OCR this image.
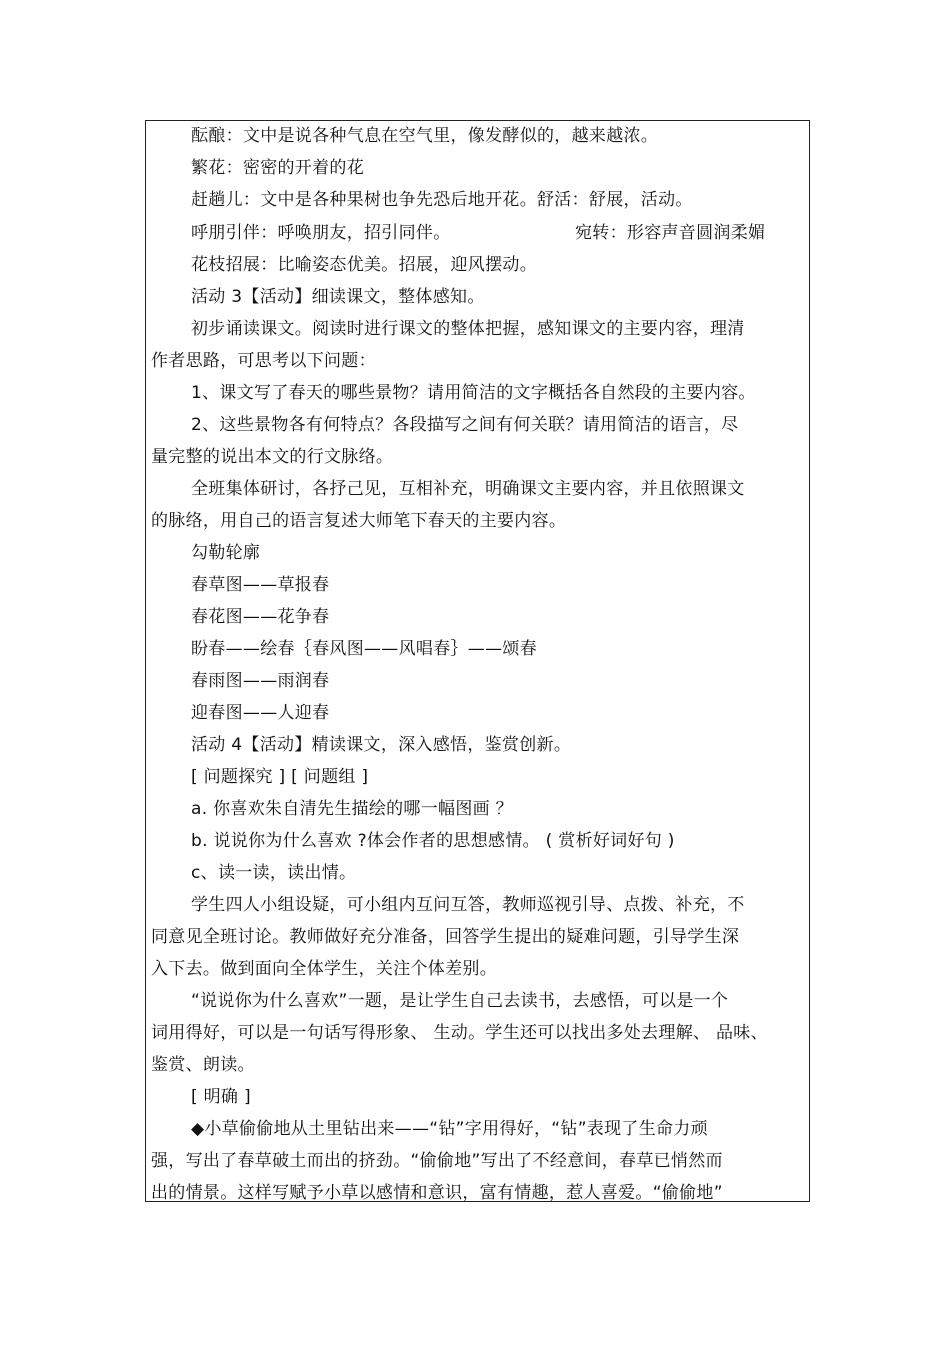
酝酿：文中是说各种气息在空气里，像发酵似的，越来越浓。
繁花：密密的开着的花
赶趟儿：文中是各种果树也争先恐后地开花。舒活：舒展，活动。
呼朋引伴：呼唤朋友，招引同伴。	宛转：形容声音圆润柔媚
花枝招展：比喻姿态优美。招展，迎风摆动。
活动 3【活动】细读课文，整体感知。
初步诵读课文。阅读时进行课文的整体把握，感知课文的主要内容，理清
作者思路，可思考以下问题：
1、课文写了春天的哪些景物？请用简洁的文字概括各自然段的主要内容。
2、这些景物各有何特点？各段描写之间有何关联？请用简洁的语言，尽
量完整的说出本文的行文脉络。
全班集体研讨，各抒己见，互相补充，明确课文主要内容，并且依照课文
的脉络，用自己的语言复述大师笔下春天的主要内容。
勾勒轮廓
春草图——草报春
春花图——花争春
盼春——绘春｛春风图——风唱春｝——颂春
春雨图——雨润春
迎春图——人迎春
活动 4【活动】精读课文，深入感悟，鉴赏创新。
[ 问题探究 ] [ 问题组 ]
a. 你喜欢朱自清先生描绘的哪一幅图画 ？
b. 说说你为什么喜欢 ?体会作者的思想感情。 ( 赏析好词好句 )
c、读一读，读出情。
学生四人小组设疑，可小组内互问互答，教师巡视引导、点拨、补充，不
同意见全班讨论。教师做好充分准备，回答学生提出的疑难问题，引导学生深
入下去。做到面向全体学生，关注个体差别。
“说说你为什么喜欢”一题，是让学生自己去读书，去感悟，可以是一个
词用得好，可以是一句话写得形象、 生动。学生还可以找出多处去理解、 品味、
鉴赏、朗读。
[ 明确 ]
◆小草偷偷地从土里钻出来——“钻”字用得好，“钻”表现了生命力顽
强，写出了春草破土而出的挤劲。“偷偷地”写出了不经意间，春草已悄然而
出的情景。这样写赋予小草以感情和意识，富有情趣，惹人喜爱。“偷偷地”
